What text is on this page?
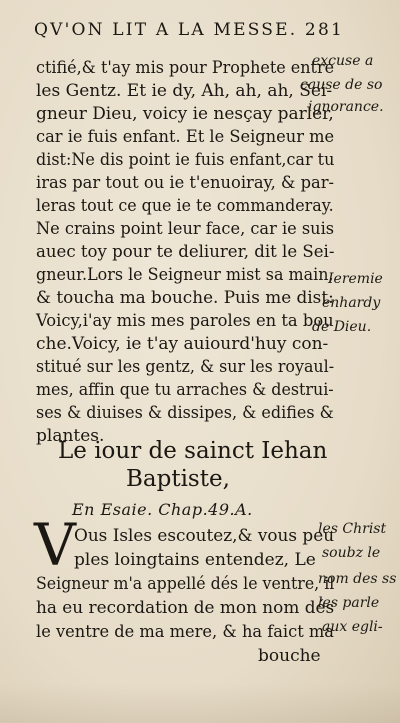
QV'ON LIT A LA MESSE. 281
ctifié,& t'ay mis pour Prophete entre
les Gentz. Et ie dy, Ah, ah, ah, Sei-
gneur Dieu, voicy ie nesçay parler,
car ie fuis enfant. Et le Seigneur me
dist:Ne dis point ie fuis enfant,car tu
iras par tout ou ie t'enuoiray, & par-
leras tout ce que ie te commanderay.
Ne crains point leur face, car ie suis
auec toy pour te deliurer, dit le Sei-
gneur.Lors le Seigneur mist sa main,
& toucha ma bouche. Puis me dist:
Voicy,i'ay mis mes paroles en ta bou
che.Voicy, ie t'ay auiourd'huy con-
stitué sur les gentz, & sur les royaul-
mes, affin que tu arraches & destrui-
ses & diuises & dissipes, & edifies &
plantes.
excuse a
cause de so
ignorance.
Ieremie
enhardy
de Dieu.
Le iour de sainct Iehan
Baptiste,
En Esaie. Chap.49.A.
V
Ous Isles escoutez,& vous peu
ples loingtains entendez, Le
Seigneur m'a appellé dés le ventre, il
ha eu recordation de mon nom dés
le ventre de ma mere, & ha faict ma
bouche
les Christ
soubz le
nom des ss
les parle
aux egli-
